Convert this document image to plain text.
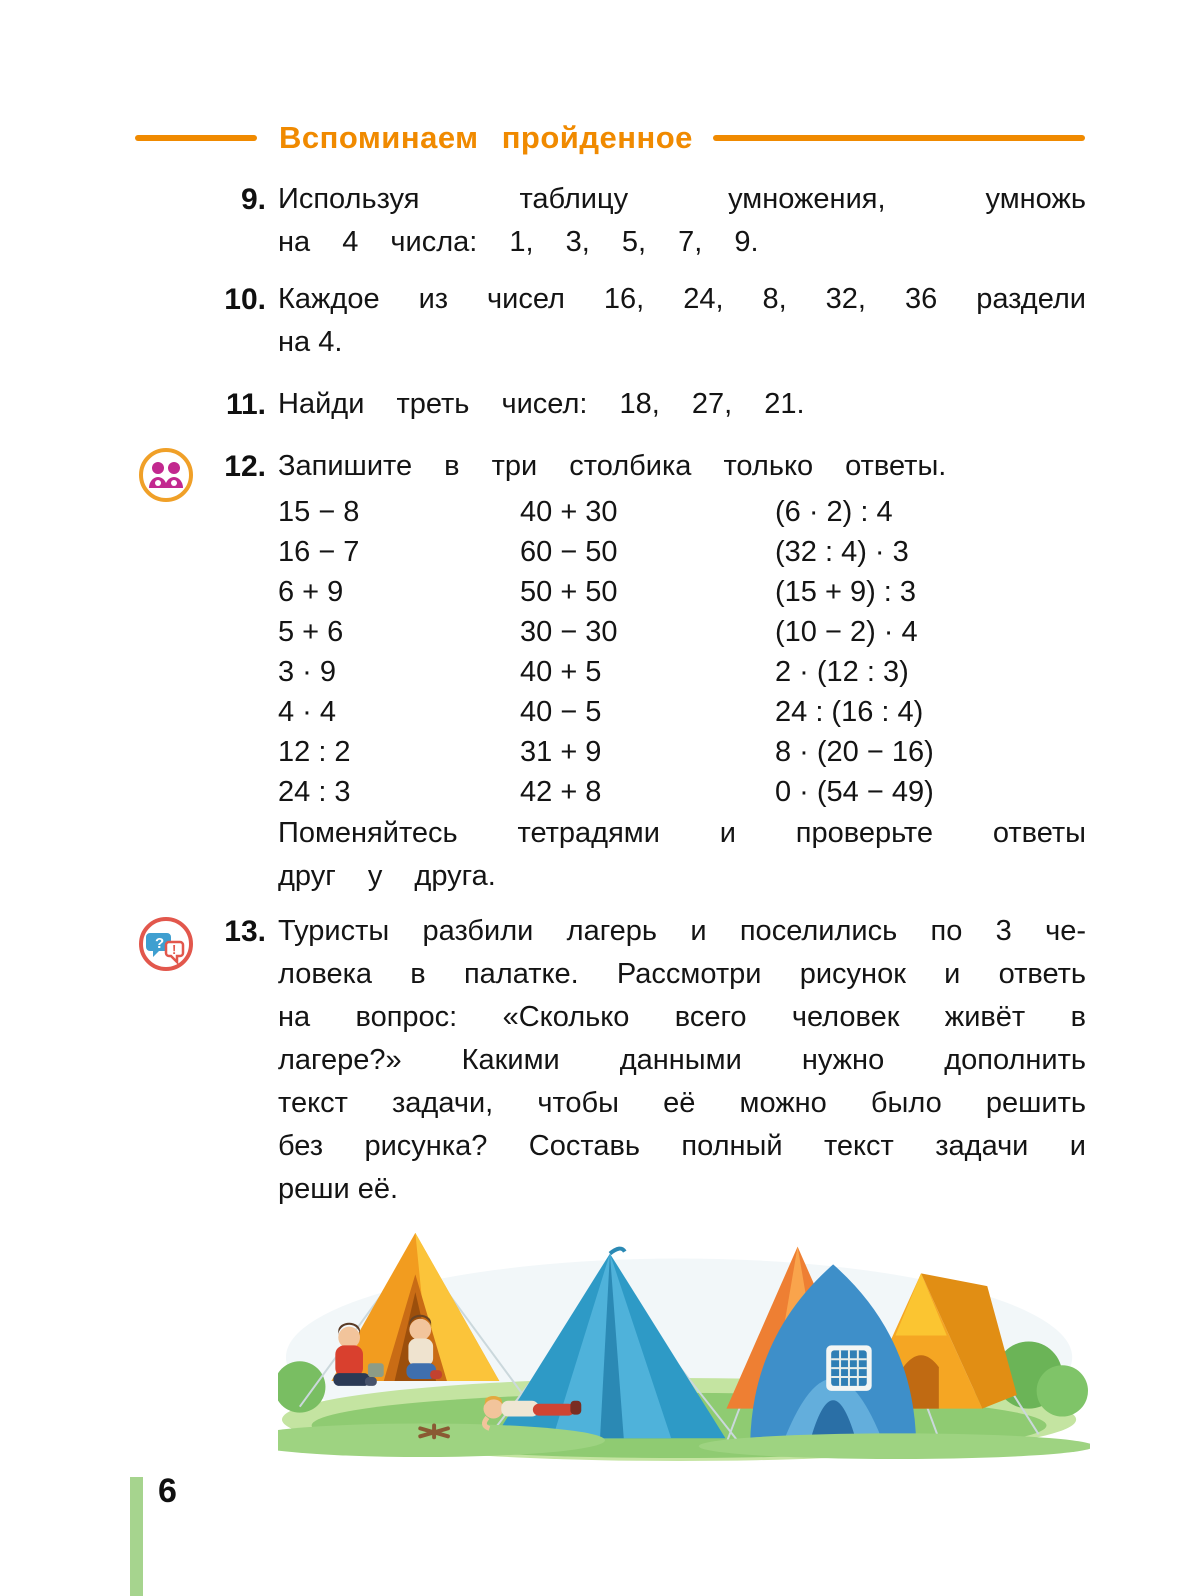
Вспоминаем пройденное
9. Используя таблицу умножения, умножь
на 4 числа: 1, 3, 5, 7, 9.
10. Каждое из чисел 16, 24, 8, 32, 36 раздели
на 4.
11. Найди треть чисел: 18, 27, 21.
12. Запишите в три столбика только ответы.
15 − 8
16 − 7
6 + 9
5 + 6
3 · 9
4 · 4
12 : 2
24 : 3
40 + 30
60 − 50
50 + 50
30 − 30
40 + 5
40 − 5
31 + 9
42 + 8
(6 · 2) : 4
(32 : 4) · 3
(15 + 9) : 3
(10 − 2) · 4
2 · (12 : 3)
24 : (16 : 4)
8 · (20 − 16)
0 · (54 − 49)
Поменяйтесь тетрадями и проверьте ответы
друг у друга.
? !
13. Туристы разбили лагерь и поселились по 3 че-
ловека в палатке. Рассмотри рисунок и ответь
на вопрос: «Сколько всего человек живёт в
лагере?» Какими данными нужно дополнить
текст задачи, чтобы её можно было решить
без рисунка? Составь полный текст задачи и
реши её.
6
